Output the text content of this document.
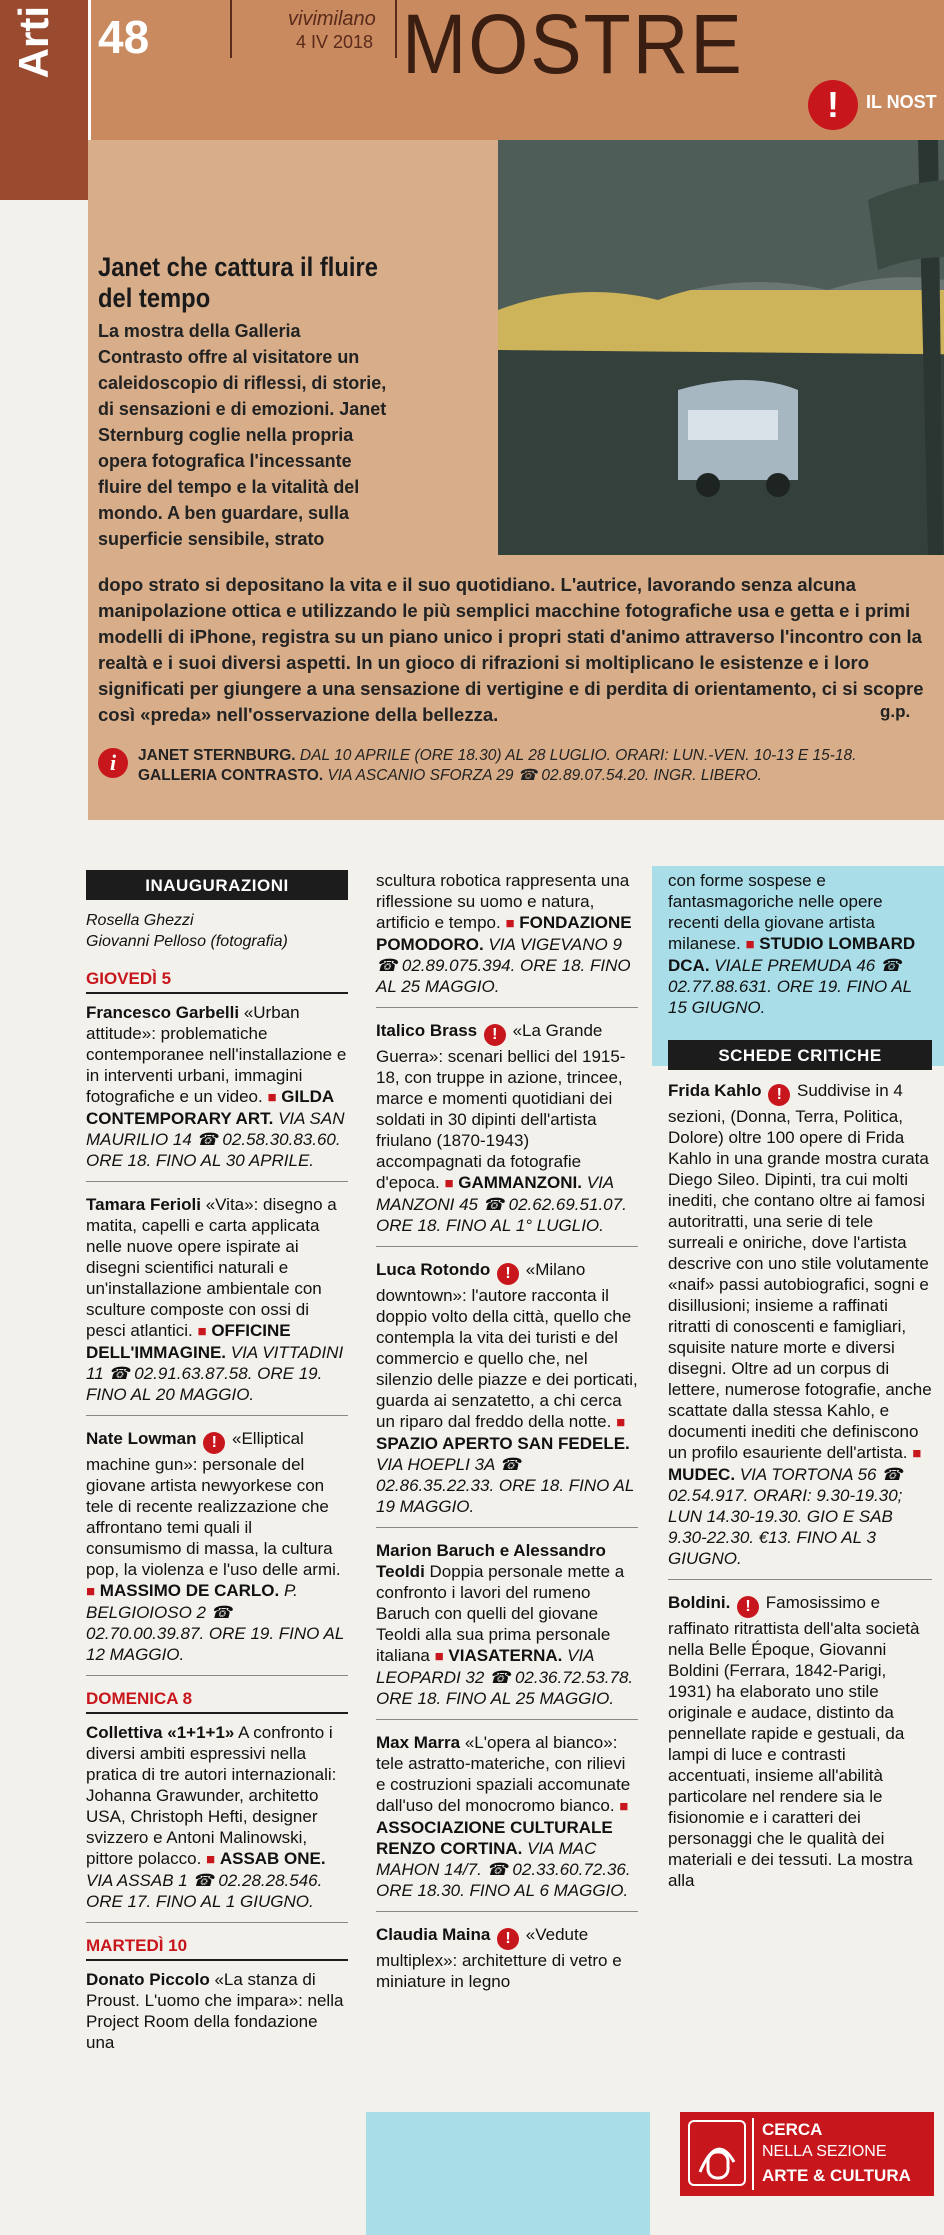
Arti 48	vivimilano
4 IV 2018 MOSTRE
!	IL NOST
Janet che cattura il fluire del tempo
La mostra della Galleria Contrasto offre al visitatore un caleidoscopio di riflessi, di storie, di sensazioni e di emozioni. Janet Sternburg coglie nella propria opera fotografica l'incessante fluire del tempo e la vitalità del mondo. A ben guardare, sulla superficie sensibile, strato
dopo strato si depositano la vita e il suo quotidiano. L'autrice, lavorando senza alcuna manipolazione ottica e utilizzando le più semplici macchine fotografiche usa e getta e i primi modelli di iPhone, registra su un piano unico i propri stati d'animo attraverso l'incontro con la realtà e i suoi diversi aspetti. In un gioco di rifrazioni si moltiplicano le esistenze e i loro significati per giungere a una sensazione di vertigine e di perdita di orientamento, ci si scopre così «preda» nell'osservazione della bellezza.	g.p.
i	JANET STERNBURG. DAL 10 APRILE (ORE 18.30) AL 28 LUGLIO. ORARI: LUN.-VEN. 10-13 E 15-18.
GALLERIA CONTRASTO. VIA ASCANIO SFORZA 29 ☎ 02.89.07.54.20. INGR. LIBERO.
INAUGURAZIONI
Rosella Ghezzi
Giovanni Pelloso (fotografia)
GIOVEDÌ 5
Francesco Garbelli «Urban attitude»: problematiche contemporanee nell'installazione e in interventi urbani, immagini fotografiche e un video. ■ GILDA CONTEMPORARY ART. VIA SAN MAURILIO 14 ☎ 02.58.30.83.60. ORE 18. FINO AL 30 APRILE.
Tamara Ferioli «Vita»: disegno a matita, capelli e carta applicata nelle nuove opere ispirate ai disegni scientifici naturali e un'installazione ambientale con sculture composte con ossi di pesci atlantici. ■ OFFICINE DELL'IMMAGINE. VIA VITTADINI 11 ☎ 02.91.63.87.58. ORE 19. FINO AL 20 MAGGIO.
Nate Lowman ! «Elliptical machine gun»: personale del giovane artista newyorkese con tele di recente realizzazione che affrontano temi quali il consumismo di massa, la cultura pop, la violenza e l'uso delle armi. ■ MASSIMO DE CARLO. P. BELGIOIOSO 2 ☎ 02.70.00.39.87. ORE 19. FINO AL 12 MAGGIO.
DOMENICA 8
Collettiva «1+1+1» A confronto i diversi ambiti espressivi nella pratica di tre autori internazionali: Johanna Grawunder, architetto USA, Christoph Hefti, designer svizzero e Antoni Malinowski, pittore polacco. ■ ASSAB ONE. VIA ASSAB 1 ☎ 02.28.28.546. ORE 17. FINO AL 1 GIUGNO.
MARTEDÌ 10
Donato Piccolo «La stanza di Proust. L'uomo che impara»: nella Project Room della fondazione una
scultura robotica rappresenta una riflessione su uomo e natura, artificio e tempo. ■ FONDAZIONE POMODORO. VIA VIGEVANO 9 ☎ 02.89.075.394. ORE 18. FINO AL 25 MAGGIO.
Italico Brass ! «La Grande Guerra»: scenari bellici del 1915-18, con truppe in azione, trincee, marce e momenti quotidiani dei soldati in 30 dipinti dell'artista friulano (1870-1943) accompagnati da fotografie d'epoca. ■ GAMMANZONI. VIA MANZONI 45 ☎ 02.62.69.51.07. ORE 18. FINO AL 1° LUGLIO.
Luca Rotondo ! «Milano downtown»: l'autore racconta il doppio volto della città, quello che contempla la vita dei turisti e del commercio e quello che, nel silenzio delle piazze e dei porticati, guarda ai senzatetto, a chi cerca un riparo dal freddo della notte. ■ SPAZIO APERTO SAN FEDELE. VIA HOEPLI 3A ☎ 02.86.35.22.33. ORE 18. FINO AL 19 MAGGIO.
Marion Baruch e Alessandro Teoldi Doppia personale mette a confronto i lavori del rumeno Baruch con quelli del giovane Teoldi alla sua prima personale italiana ■ VIASATERNA. VIA LEOPARDI 32 ☎ 02.36.72.53.78. ORE 18. FINO AL 25 MAGGIO.
Max Marra «L'opera al bianco»: tele astratto-materiche, con rilievi e costruzioni spaziali accomunate dall'uso del monocromo bianco. ■ ASSOCIAZIONE CULTURALE RENZO CORTINA. VIA MAC MAHON 14/7. ☎ 02.33.60.72.36. ORE 18.30. FINO AL 6 MAGGIO.
Claudia Maina ! «Vedute multiplex»: architetture di vetro e miniature in legno
con forme sospese e fantasmagoriche nelle opere recenti della giovane artista milanese. ■ STUDIO LOMBARD DCA. VIALE PREMUDA 46 ☎ 02.77.88.631. ORE 19. FINO AL 15 GIUGNO.
SCHEDE CRITICHE
Frida Kahlo ! Suddivise in 4 sezioni, (Donna, Terra, Politica, Dolore) oltre 100 opere di Frida Kahlo in una grande mostra curata Diego Sileo. Dipinti, tra cui molti inediti, che contano oltre ai famosi autoritratti, una serie di tele surreali e oniriche, dove l'artista descrive con uno stile volutamente «naif» passi autobiografici, sogni e disillusioni; insieme a raffinati ritratti di conoscenti e famigliari, squisite nature morte e diversi disegni. Oltre ad un corpus di lettere, numerose fotografie, anche scattate dalla stessa Kahlo, e documenti inediti che definiscono un profilo esauriente dell'artista. ■ MUDEC. VIA TORTONA 56 ☎ 02.54.917. ORARI: 9.30-19.30; LUN 14.30-19.30. GIO E SAB 9.30-22.30. €13. FINO AL 3 GIUGNO.
Boldini. ! Famosissimo e raffinato ritrattista dell'alta società nella Belle Époque, Giovanni Boldini (Ferrara, 1842-Parigi, 1931) ha elaborato uno stile originale e audace, distinto da pennellate rapide e gestuali, da lampi di luce e contrasti accentuati, insieme all'abilità particolare nel rendere sia le fisionomie e i caratteri dei personaggi che le qualità dei materiali e dei tessuti. La mostra alla
CERCA
NELLA SEZIONE
ARTE & CULTURA
